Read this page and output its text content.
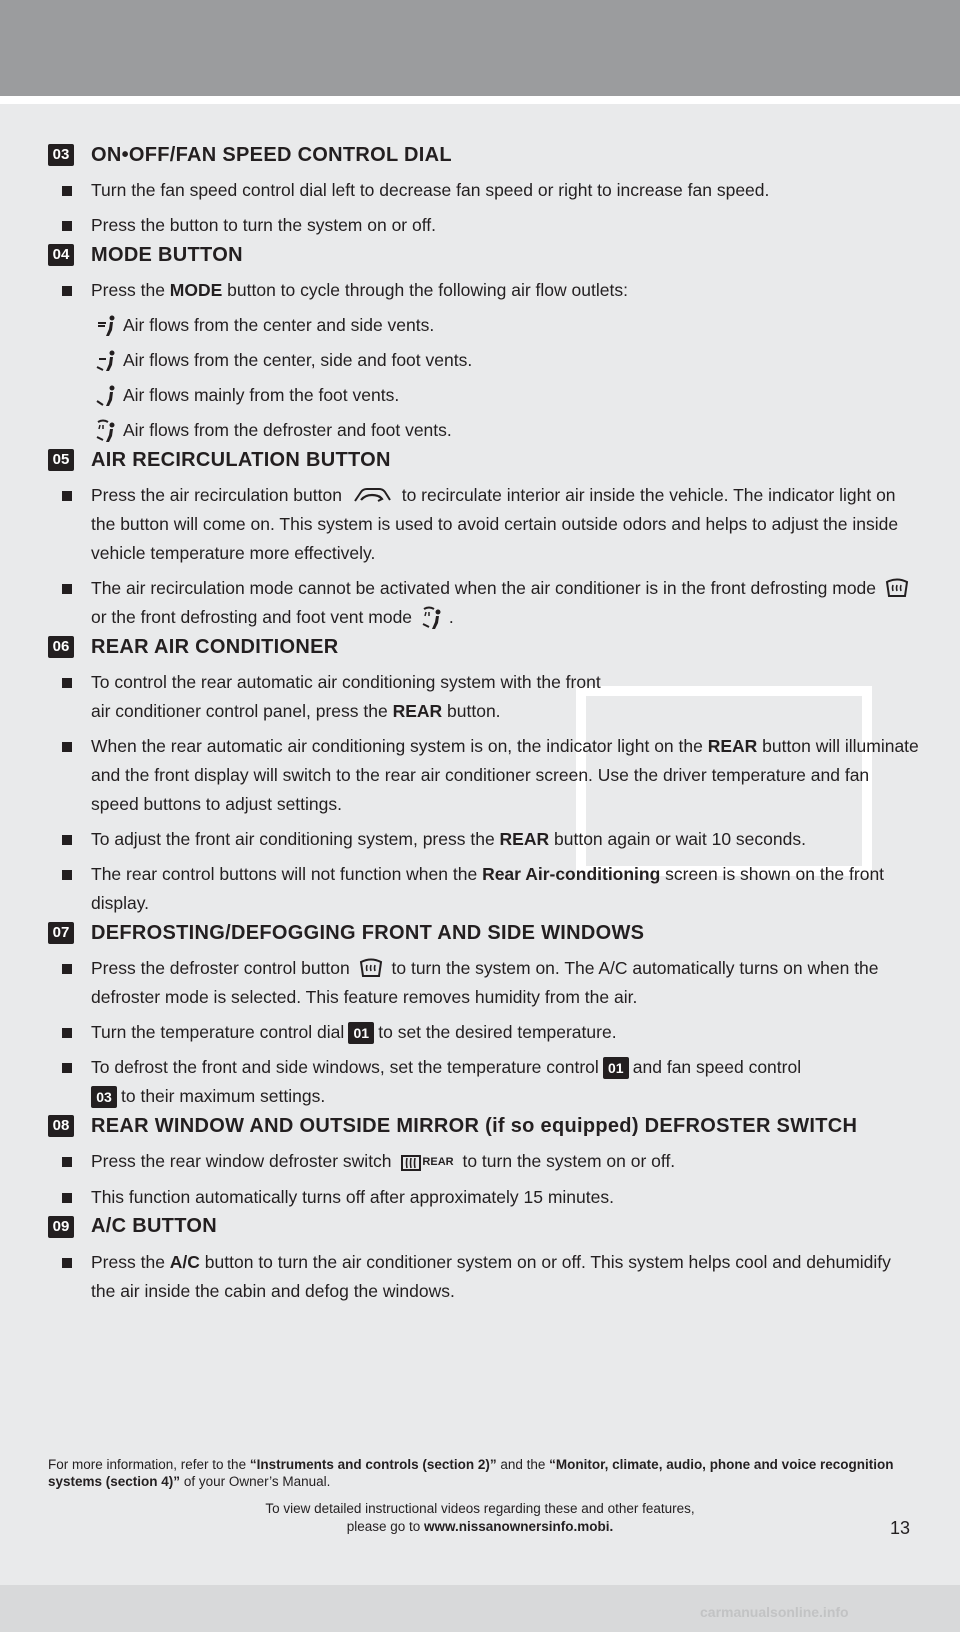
03 ON•OFF/FAN SPEED CONTROL DIAL
Turn the fan speed control dial left to decrease fan speed or right to increase fan speed.
Press the button to turn the system on or off.
04 MODE BUTTON
Press the MODE button to cycle through the following air flow outlets:
Air flows from the center and side vents.
Air flows from the center, side and foot vents.
Air flows mainly from the foot vents.
Air flows from the defroster and foot vents.
05 AIR RECIRCULATION BUTTON
Press the air recirculation button	to recirculate interior air inside the vehicle. The indicator light on the button will come on. This system is used to avoid certain outside odors and helps to adjust the inside vehicle temperature more effectively.
The air recirculation mode cannot be activated when the air conditioner is in the front defrosting mode  or the front defrosting and foot vent mode .
06 REAR AIR CONDITIONER
To control the rear automatic air conditioning system with the front air conditioner control panel, press the REAR button.
When the rear automatic air conditioning system is on, the indicator light on the REAR button will illuminate and the front display will switch to the rear air conditioner screen. Use the driver temperature and fan speed buttons to adjust settings.
To adjust the front air conditioning system, press the REAR button again or wait 10 seconds.
The rear control buttons will not function when the Rear Air-conditioning screen is shown on the front display.
07 DEFROSTING/DEFOGGING FRONT AND SIDE WINDOWS
Press the defroster control button to turn the system on. The A/C automatically turns on when the defroster mode is selected. This feature removes humidity from the air.
Turn the temperature control dial 01 to set the desired temperature.
To defrost the front and side windows, set the temperature control 01 and fan speed control
03 to their maximum settings.
08 REAR WINDOW AND OUTSIDE MIRROR (if so equipped) DEFROSTER SWITCH
Press the rear window defroster switch	$^{REAR}$ to turn the system on or off.
This function automatically turns off after approximately 15 minutes.
09 A/C BUTTON
Press the A/C button to turn the air conditioner system on or off. This system helps cool and dehumidify the air inside the cabin and defog the windows.
For more information, refer to the “Instruments and controls (section 2)” and the “Monitor, climate, audio, phone and voice recognition systems (section 4)” of your Owner’s Manual.
To view detailed instructional videos regarding these and other features,
please go to www.nissanownersinfo.mobi.	13
carmanualsonline.info
